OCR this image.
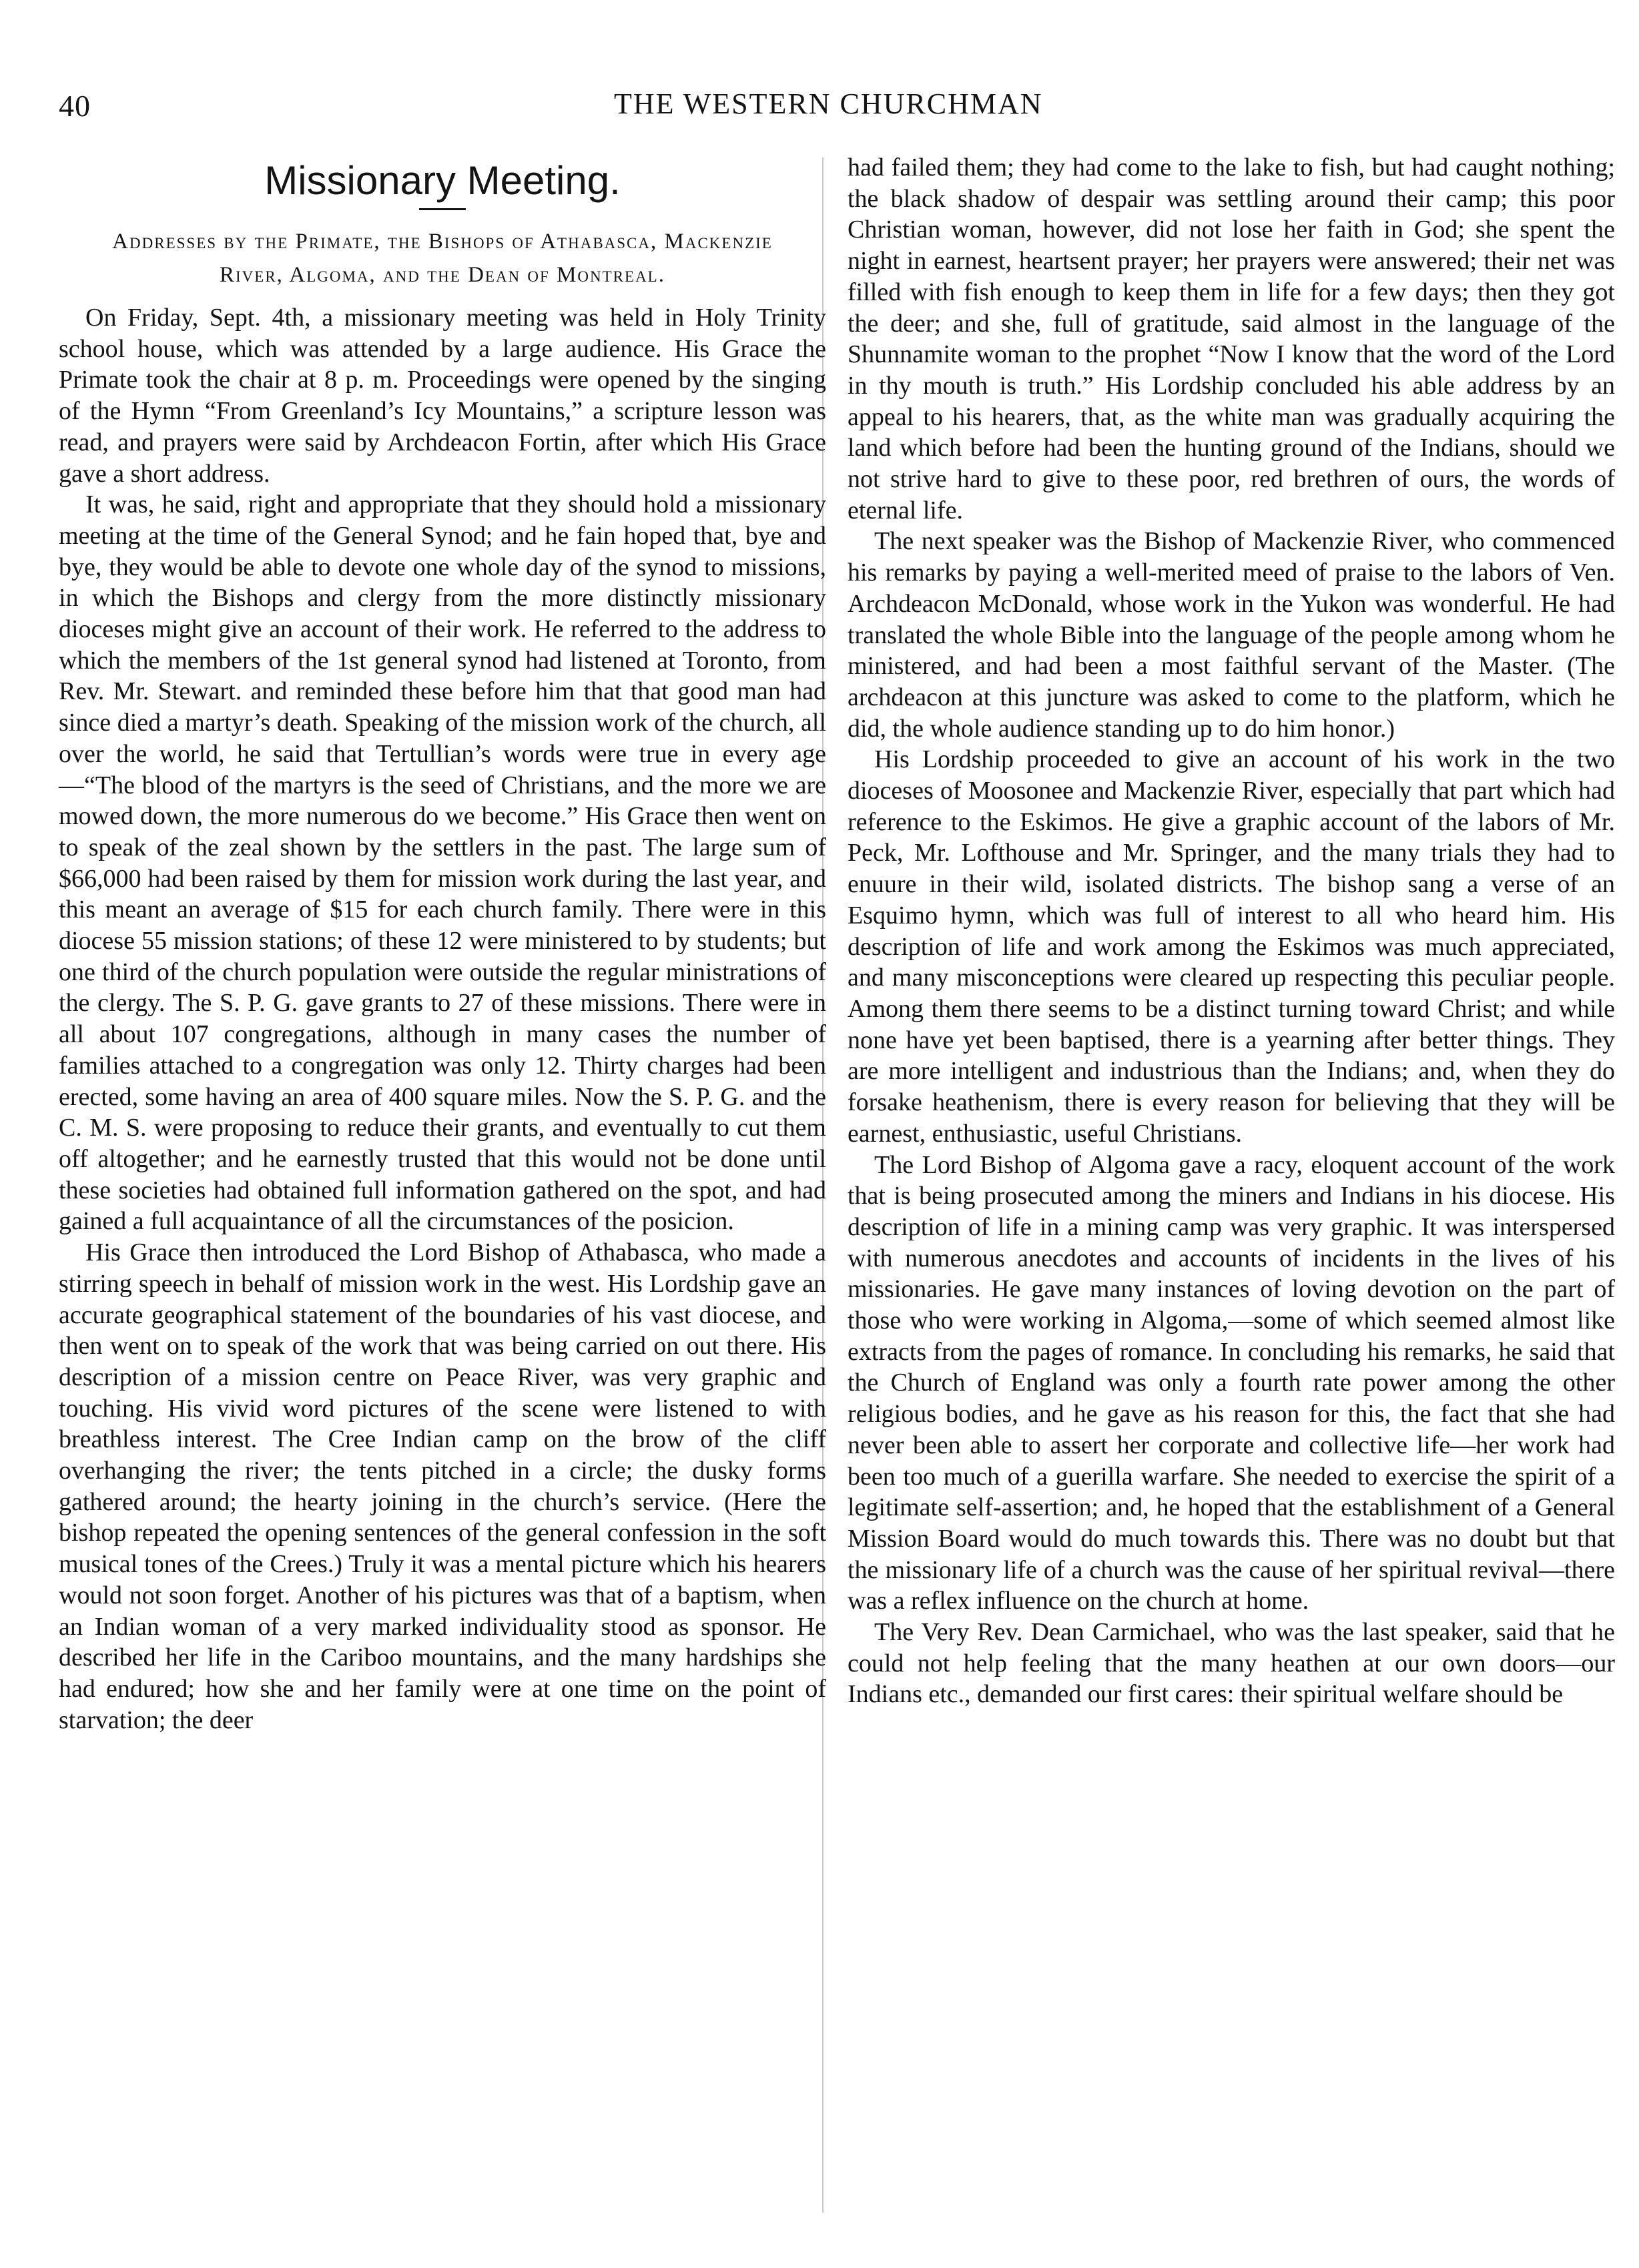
40	THE WESTERN CHURCHMAN
Missionary Meeting.
Addresses by the Primate, the Bishops of Athabasca, Mackenzie River, Algoma, and the Dean of Montreal.

On Friday, Sept. 4th, a missionary meeting was held in Holy Trinity school house, which was attended by a large audience. His Grace the Primate took the chair at 8 p. m. Proceedings were opened by the singing of the Hymn “From Greenland’s Icy Mountains,” a scripture lesson was read, and prayers were said by Archdeacon Fortin, after which His Grace gave a short address.

It was, he said, right and appropriate that they should hold a missionary meeting at the time of the General Synod; and he fain hoped that, bye and bye, they would be able to devote one whole day of the synod to missions, in which the Bishops and clergy from the more distinctly missionary dioceses might give an account of their work. He referred to the address to which the members of the 1st general synod had listened at Toronto, from Rev. Mr. Stewart. and reminded these before him that that good man had since died a martyr’s death. Speaking of the mission work of the church, all over the world, he said that Tertullian’s words were true in every age—“The blood of the martyrs is the seed of Christians, and the more we are mowed down, the more numerous do we become.” His Grace then went on to speak of the zeal shown by the settlers in the past. The large sum of $66,000 had been raised by them for mission work during the last year, and this meant an average of $15 for each church family. There were in this diocese 55 mission stations; of these 12 were ministered to by students; but one third of the church population were outside the regular ministrations of the clergy. The S. P. G. gave grants to 27 of these missions. There were in all about 107 congregations, although in many cases the number of families attached to a congregation was only 12. Thirty charges had been erected, some having an area of 400 square miles. Now the S. P. G. and the C. M. S. were proposing to reduce their grants, and eventually to cut them off altogether; and he earnestly trusted that this would not be done until these societies had obtained full information gathered on the spot, and had gained a full acquaintance of all the circumstances of the posicion.

His Grace then introduced the Lord Bishop of Athabasca, who made a stirring speech in behalf of mission work in the west. His Lordship gave an accurate geographical statement of the boundaries of his vast diocese, and then went on to speak of the work that was being carried on out there. His description of a mission centre on Peace River, was very graphic and touching. His vivid word pictures of the scene were listened to with breathless interest. The Cree Indian camp on the brow of the cliff overhanging the river; the tents pitched in a circle; the dusky forms gathered around; the hearty joining in the church’s service. (Here the bishop repeated the opening sentences of the general confession in the soft musical tones of the Crees.) Truly it was a mental picture which his hearers would not soon forget. Another of his pictures was that of a baptism, when an Indian woman of a very marked individuality stood as sponsor. He described her life in the Cariboo mountains, and the many hardships she had endured; how she and her family were at one time on the point of starvation; the deer

had failed them; they had come to the lake to fish, but had caught nothing; the black shadow of despair was settling around their camp; this poor Christian woman, however, did not lose her faith in God; she spent the night in earnest, heartsent prayer; her prayers were answered; their net was filled with fish enough to keep them in life for a few days; then they got the deer; and she, full of gratitude, said almost in the language of the Shunnamite woman to the prophet “Now I know that the word of the Lord in thy mouth is truth.” His Lordship concluded his able address by an appeal to his hearers, that, as the white man was gradually acquiring the land which before had been the hunting ground of the Indians, should we not strive hard to give to these poor, red brethren of ours, the words of eternal life.

The next speaker was the Bishop of Mackenzie River, who commenced his remarks by paying a well-merited meed of praise to the labors of Ven. Archdeacon McDonald, whose work in the Yukon was wonderful. He had translated the whole Bible into the language of the people among whom he ministered, and had been a most faithful servant of the Master. (The archdeacon at this juncture was asked to come to the platform, which he did, the whole audience standing up to do him honor.)

His Lordship proceeded to give an account of his work in the two dioceses of Moosonee and Mackenzie River, especially that part which had reference to the Eskimos. He give a graphic account of the labors of Mr. Peck, Mr. Lofthouse and Mr. Springer, and the many trials they had to enuure in their wild, isolated districts. The bishop sang a verse of an Esquimo hymn, which was full of interest to all who heard him. His description of life and work among the Eskimos was much appreciated, and many misconceptions were cleared up respecting this peculiar people. Among them there seems to be a distinct turning toward Christ; and while none have yet been baptised, there is a yearning after better things. They are more intelligent and industrious than the Indians; and, when they do forsake heathenism, there is every reason for believing that they will be earnest, enthusiastic, useful Christians.

The Lord Bishop of Algoma gave a racy, eloquent account of the work that is being prosecuted among the miners and Indians in his diocese. His description of life in a mining camp was very graphic. It was interspersed with numerous anecdotes and accounts of incidents in the lives of his missionaries. He gave many instances of loving devotion on the part of those who were working in Algoma,—some of which seemed almost like extracts from the pages of romance. In concluding his remarks, he said that the Church of England was only a fourth rate power among the other religious bodies, and he gave as his reason for this, the fact that she had never been able to assert her corporate and collective life—her work had been too much of a guerilla warfare. She needed to exercise the spirit of a legitimate self-assertion; and, he hoped that the establishment of a General Mission Board would do much towards this. There was no doubt but that the missionary life of a church was the cause of her spiritual revival—there was a reflex influence on the church at home.

The Very Rev. Dean Carmichael, who was the last speaker, said that he could not help feeling that the many heathen at our own doors—our Indians etc., demanded our first cares: their spiritual welfare should be
